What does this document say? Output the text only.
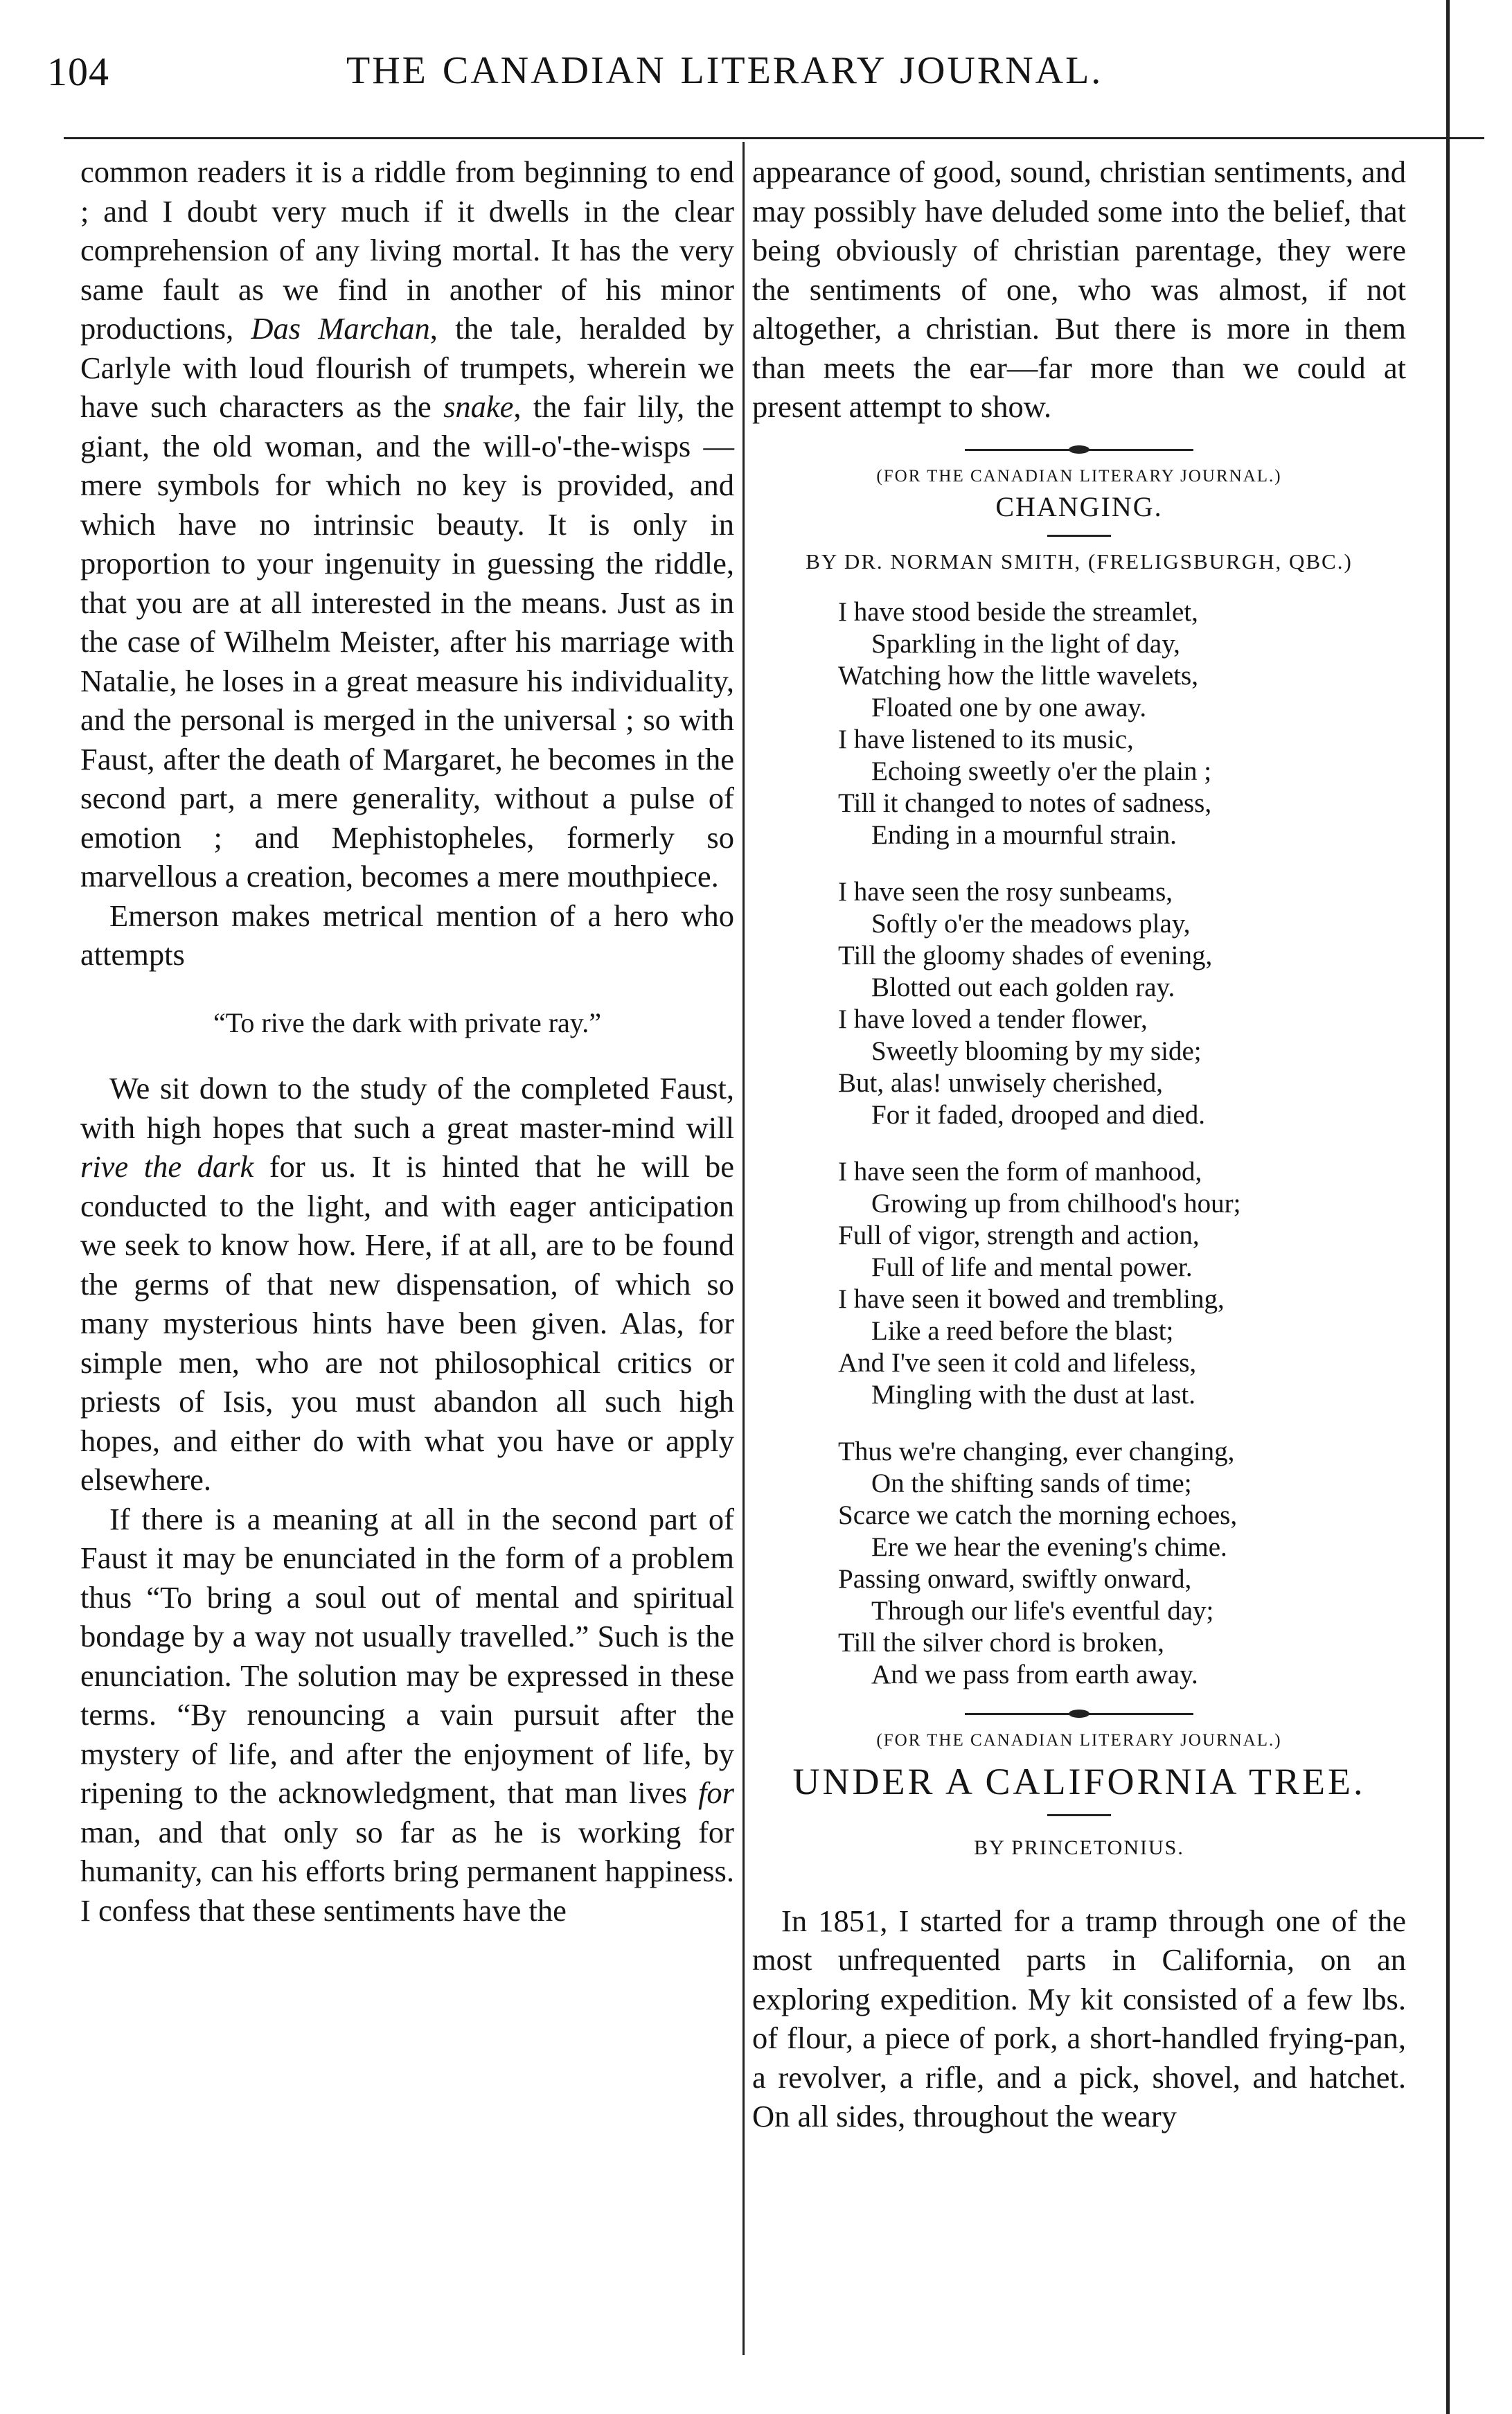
104	THE CANADIAN LITERARY JOURNAL.

common readers it is a riddle from beginning to end ; and I doubt very much if it dwells in the clear comprehension of any living mortal. It has the very same fault as we find in another of his minor productions, Das Marchan, the tale, heralded by Carlyle with loud flourish of trumpets, wherein we have such characters as the snake, the fair lily, the giant, the old woman, and the will-o'-the-wisps —mere symbols for which no key is provided, and which have no intrinsic beauty. It is only in proportion to your ingenuity in guessing the riddle, that you are at all interested in the means. Just as in the case of Wilhelm Meister, after his marriage with Natalie, he loses in a great measure his individuality, and the personal is merged in the universal ; so with Faust, after the death of Margaret, he becomes in the second part, a mere generality, without a pulse of emotion ; and Mephistopheles, formerly so marvellous a creation, becomes a mere mouthpiece.

Emerson makes metrical mention of a hero who attempts

“To rive the dark with private ray.”

We sit down to the study of the completed Faust, with high hopes that such a great master-mind will rive the dark for us. It is hinted that he will be conducted to the light, and with eager anticipation we seek to know how. Here, if at all, are to be found the germs of that new dispensation, of which so many mysterious hints have been given. Alas, for simple men, who are not philosophical critics or priests of Isis, you must abandon all such high hopes, and either do with what you have or apply elsewhere.

If there is a meaning at all in the second part of Faust it may be enunciated in the form of a problem thus “To bring a soul out of mental and spiritual bondage by a way not usually travelled.” Such is the enunciation. The solution may be expressed in these terms. “By renouncing a vain pursuit after the mystery of life, and after the enjoyment of life, by ripening to the acknowledgment, that man lives for man, and that only so far as he is working for humanity, can his efforts bring permanent happiness. I confess that these sentiments have the

appearance of good, sound, christian sentiments, and may possibly have deluded some into the belief, that being obviously of christian parentage, they were the sentiments of one, who was almost, if not altogether, a christian. But there is more in them than meets the ear—far more than we could at present attempt to show.

(FOR THE CANADIAN LITERARY JOURNAL.)
CHANGING.
BY DR. NORMAN SMITH, (FRELIGSBURGH, QBC.)
I have stood beside the streamlet,
Sparkling in the light of day,
Watching how the little wavelets,
Floated one by one away.
I have listened to its music,
Echoing sweetly o'er the plain ;
Till it changed to notes of sadness,
Ending in a mournful strain.
I have seen the rosy sunbeams,
Softly o'er the meadows play,
Till the gloomy shades of evening,
Blotted out each golden ray.
I have loved a tender flower,
Sweetly blooming by my side;
But, alas! unwisely cherished,
For it faded, drooped and died.
I have seen the form of manhood,
Growing up from chilhood's hour;
Full of vigor, strength and action,
Full of life and mental power.
I have seen it bowed and trembling,
Like a reed before the blast;
And I've seen it cold and lifeless,
Mingling with the dust at last.
Thus we're changing, ever changing,
On the shifting sands of time;
Scarce we catch the morning echoes,
Ere we hear the evening's chime.
Passing onward, swiftly onward,
Through our life's eventful day;
Till the silver chord is broken,
And we pass from earth away.
(FOR THE CANADIAN LITERARY JOURNAL.)
UNDER A CALIFORNIA TREE.
BY PRINCETONIUS.

In 1851, I started for a tramp through one of the most unfrequented parts in California, on an exploring expedition. My kit consisted of a few lbs. of flour, a piece of pork, a short-handled frying-pan, a revolver, a rifle, and a pick, shovel, and hatchet. On all sides, throughout the weary
